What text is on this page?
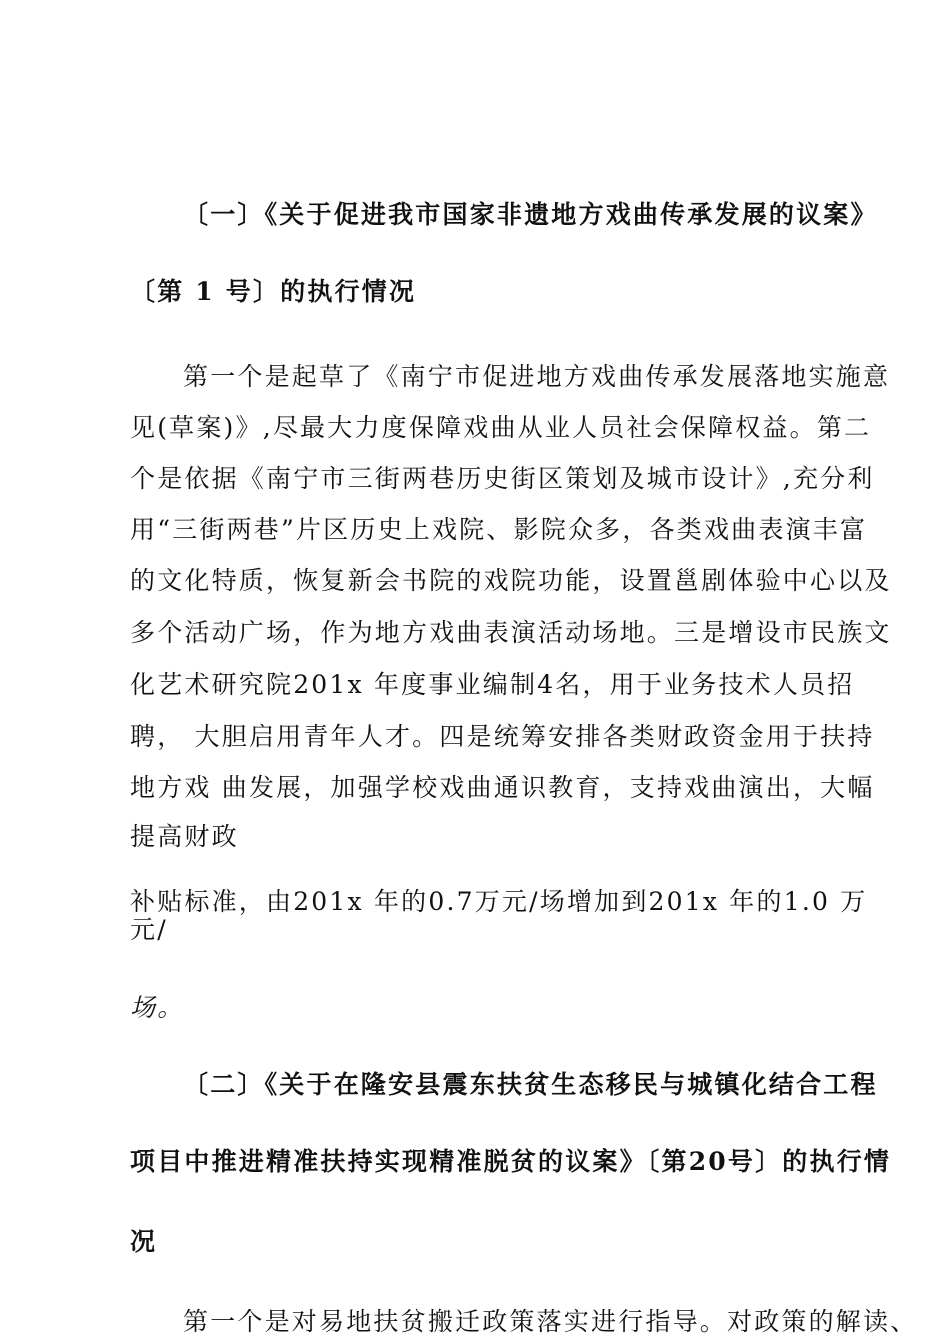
〔一〕《关于促进我市国家非遗地方戏曲传承发展的议案》
〔第 1 号〕的执行情况
第一个是起草了《南宁市促进地方戏曲传承发展落地实施意
见(草案)》,尽最大力度保障戏曲从业人员社会保障权益。第二
个是依据《南宁市三街两巷历史街区策划及城市设计》,充分利
用“三街两巷”片区历史上戏院、影院众多，各类戏曲表演丰富
的文化特质，恢复新会书院的戏院功能，设置邕剧体验中心以及
多个活动广场，作为地方戏曲表演活动场地。三是增设市民族文
化艺术研究院201x 年度事业编制4名，用于业务技术人员招
聘， 大胆启用青年人才。四是统筹安排各类财政资金用于扶持
地方戏 曲发展，加强学校戏曲通识教育，支持戏曲演出，大幅
提高财政
补贴标准，由201x 年的0.7万元/场增加到201x 年的1.0 万
元/
场。
〔二〕《关于在隆安县震东扶贫生态移民与城镇化结合工程
项目中推进精准扶持实现精准脱贫的议案》〔第20号〕的执行情
况
第一个是对易地扶贫搬迁政策落实进行指导。对政策的解读、
